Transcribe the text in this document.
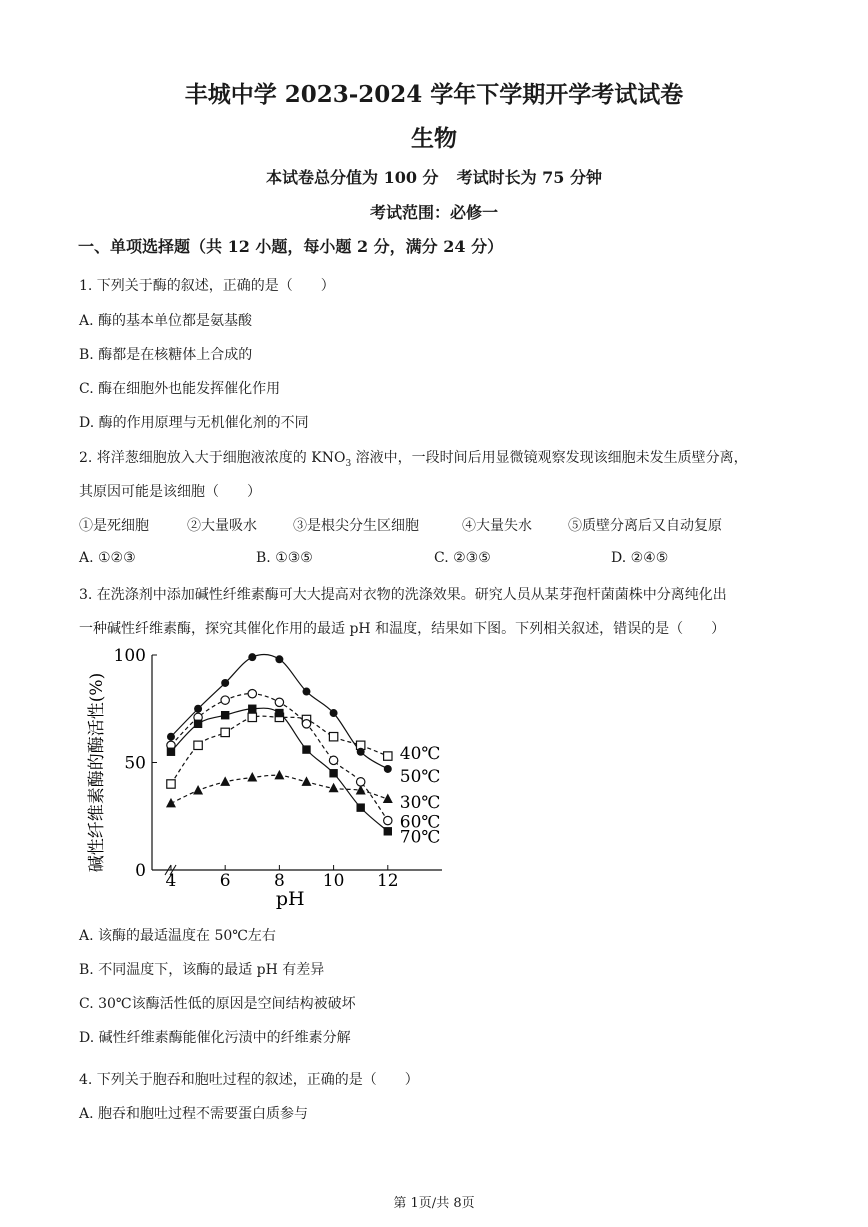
丰城中学 2023-2024 学年下学期开学考试试卷
生物
本试卷总分值为 100 分 考试时长为 75 分钟
考试范围：必修一
一、单项选择题（共 12 小题，每小题 2 分，满分 24 分）
1. 下列关于酶的叙述，正确的是（　　）
A. 酶的基本单位都是氨基酸
B. 酶都是在核糖体上合成的
C. 酶在细胞外也能发挥催化作用
D. 酶的作用原理与无机催化剂的不同
2. 将洋葱细胞放入大于细胞液浓度的 $KNO_3$ 溶液中，一段时间后用显微镜观察发现该细胞未发生质壁分离，
其原因可能是该细胞（　　）
①是死细胞	②大量吸水	③是根尖分生区细胞	④大量失水	⑤质壁分离后又自动复原
A. ①②③	B. ①③⑤	C. ②③⑤	D. ②④⑤
3. 在洗涤剂中添加碱性纤维素酶可大大提高对衣物的洗涤效果。研究人员从某芽孢杆菌菌株中分离纯化出
一种碱性纤维素酶，探究其催化作用的最适 pH 和温度，结果如下图。下列相关叙述，错误的是（　　）
0
50
100
4	6	8 10 12
pH
碱性纤维素酶的酶活性(%)	40℃
50℃
30℃
60℃
70℃
A. 该酶的最适温度在 50℃左右
B. 不同温度下，该酶的最适 pH 有差异
C. 30℃该酶活性低的原因是空间结构被破坏
D. 碱性纤维素酶能催化污渍中的纤维素分解
4. 下列关于胞吞和胞吐过程的叙述，正确的是（　　）
A. 胞吞和胞吐过程不需要蛋白质参与
第 1页/共 8页
